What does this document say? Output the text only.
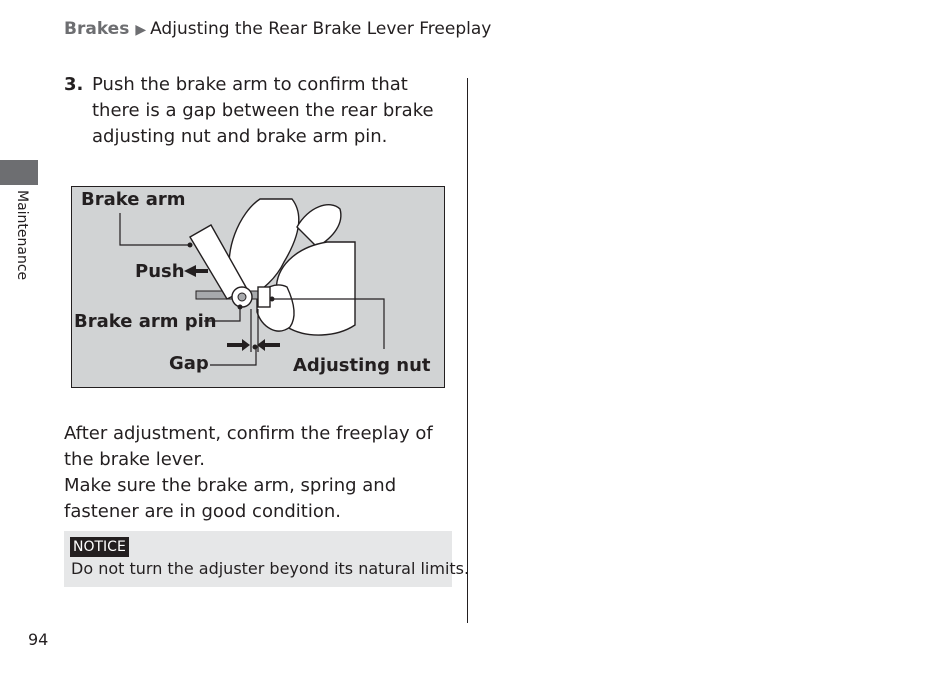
Brakes ▶ Adjusting the Rear Brake Lever Freeplay
Maintenance
3. Push the brake arm to confirm that there is a gap between the rear brake adjusting nut and brake arm pin.
Brake arm
Push
Brake arm pin
Gap	Adjusting nut
After adjustment, confirm the freeplay of the brake lever.
Make sure the brake arm, spring and fastener are in good condition.
NOTICE
Do not turn the adjuster beyond its natural limits.
94
